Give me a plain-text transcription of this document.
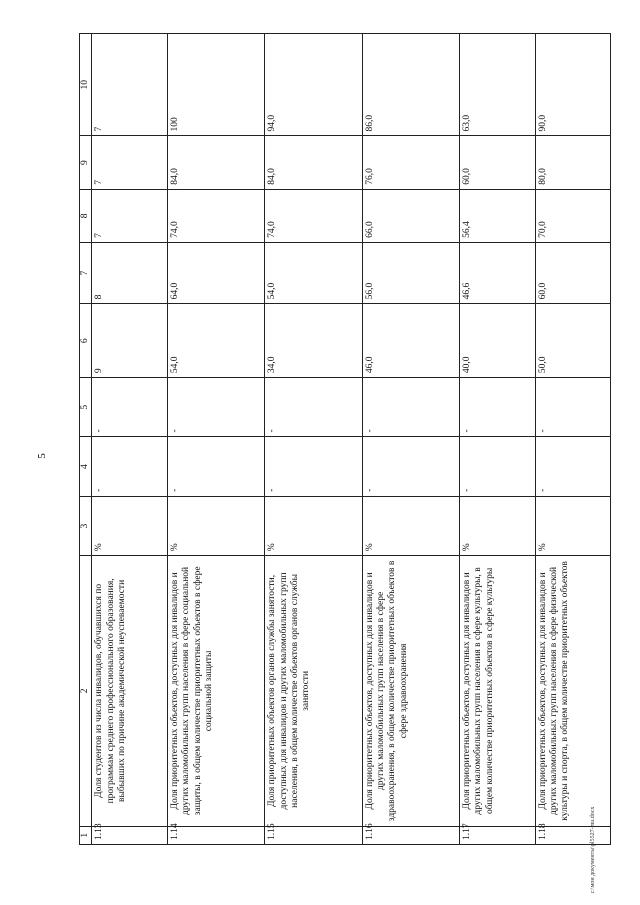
5
c:\мои документы\pl5527-mu.docx
1	2	3	4	5	6	7	8	9	10
1.13	Доля студентов из числа инвалидов, обучавшихся по программам среднего профессионального образования, выбывших по причине академической неуспеваемости	%	-	-	9	8	7	7	7
1.14	Доля приоритетных объектов, доступных для инвалидов и других маломобильных групп населения в сфере социальной защиты, в общем количестве приоритетных объектов в сфере социальной защиты	%	-	-	54,0	64,0	74,0	84,0	100
1.15	Доля приоритетных объектов органов службы занятости, доступных для инвалидов и других маломобильных групп населения, в общем количестве объектов органов службы занятости	%	-	-	34,0	54,0	74,0	84,0	94,0
1.16	Доля приоритетных объектов, доступных для инвалидов и других маломобильных групп населения в сфере здравоохранения, в общем количестве приоритетных объектов в сфере здравоохранения	%	-	-	46,0	56,0	66,0	76,0	86,0
1.17	Доля приоритетных объектов, доступных для инвалидов и других маломобильных групп населения в сфере культуры, в общем количестве приоритетных объектов в сфере культуры	%	-	-	40,0	46,6	56,4	60,0	63,0
1.18	Доля приоритетных объектов, доступных для инвалидов и других маломобильных групп населения в сфере физической культуры и спорта, в общем количестве приоритетных объектов	%	-	-	50,0	60,0	70,0	80,0	90,0
